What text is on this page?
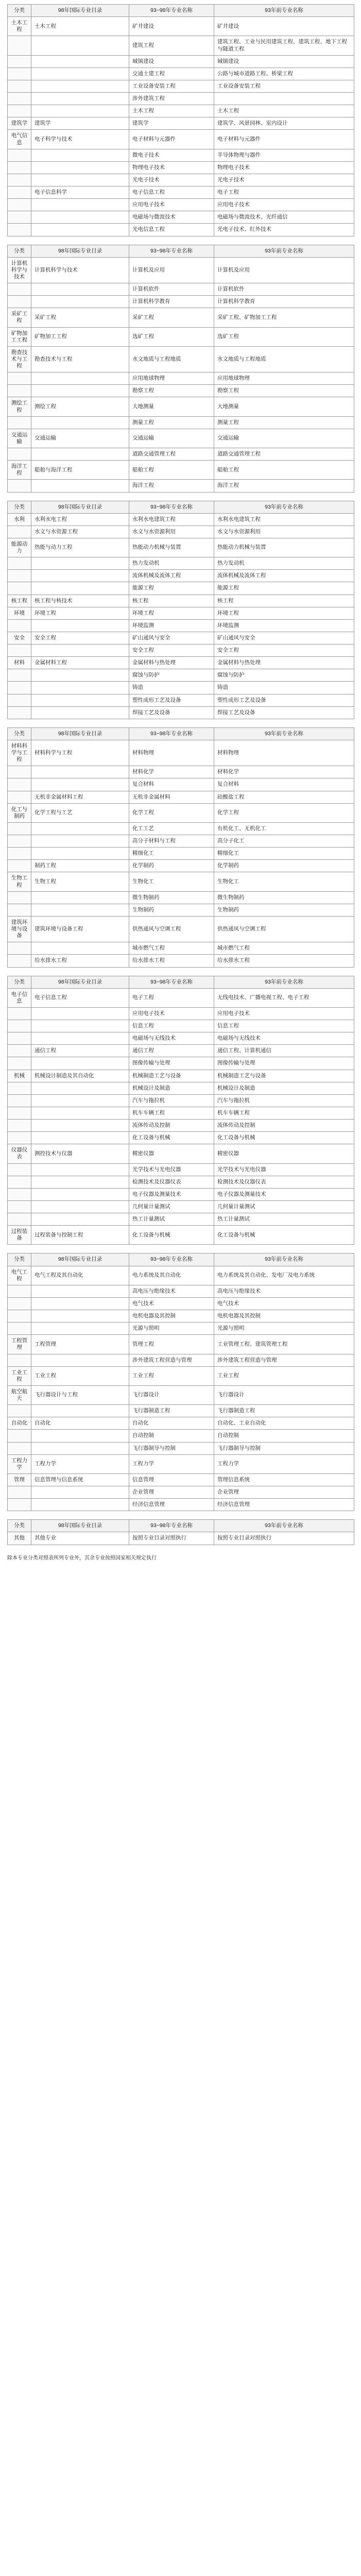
分类	98年国际专业目录	93~98年专业名称	93年前专业名称
土木工程	土木工程	矿井建设	矿井建设
		建筑工程	建筑工程、工业与民用建筑工程、建筑工程、地下工程与隧道工程
		城镇建设	城镇建设
		交通土建工程	公路与城市道路工程、桥梁工程
		工业设备安装工程	工业设备安装工程
		涉外建筑工程	
		土木工程	土木工程
建筑学	建筑学	建筑学	建筑学、风景园林、室内设计
电气信息	电子科学与技术	电子材料与元器件	电子材料与元器件
		微电子技术	半导体物理与器件
		物理电子技术	物理电子技术
		光电子技术	光电子技术
	电子信息科学	电子信息工程	电子工程
		应用电子技术	应用电子技术
		电磁场与微波技术	电磁场与微波技术、光纤通信
		光电信息工程	光电子技术、红外技术
分类	98年国际专业目录	93~98年专业名称	93年前专业名称
计算机科学与技术	计算机科学与技术	计算机及应用	计算机及应用
		计算机软件	计算机软件
		计算机科学教育	计算机科学教育
采矿工程	采矿工程	采矿工程	采矿工程、矿物加工工程
矿物加工工程	矿物加工工程	选矿工程	选矿工程
勘查技术与工程	勘查技术与工程	水文地质与工程地质	水文地质与工程地质
		应用地球物理	应用地球物理
		勘察工程	勘察工程
测绘工程	测绘工程	大地测量	大地测量
		测量工程	测量工程
交通运输	交通运输	交通运输	交通运输
		道路交通管理工程	道路交通管理工程
海洋工程	船舶与海洋工程	船舶工程	船舶工程
		海洋工程	海洋工程
分类	98年国际专业目录	93~98年专业名称	93年前专业名称
水利	水利水电工程	水利水电建筑工程	水利水电建筑工程
	水文与水资源工程	水文与水资源利用	水文与水资源利用
能源动力	热能与动力工程	热能动力机械与装置	热能动力机械与装置
		热力发动机	热力发动机
		流体机械及流体工程	流体机械及流体工程
		能源工程	能源工程
核工程	核工程与核技术	核工程	核工程
环境	环境工程	环境工程	环境工程
		环境监测	环境监测
安全	安全工程	矿山通风与安全	矿山通风与安全
		安全工程	安全工程
材料	金属材料工程	金属材料与热处理	金属材料与热处理
		腐蚀与防护	腐蚀与防护
		铸造	铸造
		塑性成形工艺及设备	塑性成形工艺及设备
		焊接工艺及设备	焊接工艺及设备
分类	98年国际专业目录	93~98年专业名称	93年前专业名称
材料科学与工程	材料科学与工程	材料物理	材料物理
		材料化学	材料化学
		复合材料	复合材料
	无机非金属材料工程	无机非金属材料	硅酸盐工程
化工与制药	化学工程与工艺	化学工程	化学工程
		化工工艺	有机化工、无机化工
		高分子材料与工程	高分子化工
		精细化工	精细化工
	制药工程	化学制药	化学制药
生物工程	生物工程	生物化工	生物化工
		微生物制药	微生物制药
		生物制药	生物制药
建筑环境与设备	建筑环境与设备工程	供热通风与空调工程	供热通风与空调工程
		城市燃气工程	城市燃气工程
	给水排水工程	给水排水工程	给水排水工程
分类	98年国际专业目录	93~98年专业名称	93年前专业名称
电子信息	电子信息工程	电子工程	无线电技术、广播电视工程、电子工程
		应用电子技术	应用电子技术
		信息工程	信息工程
		电磁场与无线技术	电磁场与无线技术
	通信工程	通信工程	通信工程、计算机通信
		图像传输与处理	图像传输与处理
机械	机械设计制造及其自动化	机械制造工艺与设备	机械制造工艺与设备
		机械设计及制造	机械设计及制造
		汽车与拖拉机	汽车与拖拉机
		机车车辆工程	机车车辆工程
		流体传动及控制	流体传动及控制
		化工设备与机械	化工设备与机械
仪器仪表	测控技术与仪器	精密仪器	精密仪器
		光学技术与光电仪器	光学技术与光电仪器
		检测技术及仪器仪表	检测技术及仪器仪表
		电子仪器及测量技术	电子仪器及测量技术
		几何量计量测试	几何量计量测试
		热工计量测试	热工计量测试
过程装备	过程装备与控制工程	化工设备与机械	化工设备与机械
分类	98年国际专业目录	93~98年专业名称	93年前专业名称
电气工程	电气工程及其自动化	电力系统及其自动化	电力系统及其自动化、发电厂及电力系统
		高电压与绝缘技术	高电压与绝缘技术
		电气技术	电气技术
		电机电器及其控制	电机电器及其控制
		光源与照明	光源与照明
工程管理	工程管理	管理工程	工业管理工程、建筑管理工程
		涉外建筑工程营造与管理	涉外建筑工程营造与管理
工业工程	工业工程	工业工程	工业工程
航空航天	飞行器设计与工程	飞行器设计	飞行器设计
		飞行器制造工程	飞行器制造工程
自动化	自动化	自动化	自动化、工业自动化
		自动控制	自动控制
		飞行器制导与控制	飞行器制导与控制
工程力学	工程力学	工程力学	工程力学
管理	信息管理与信息系统	信息管理	管理信息系统
		企业管理	企业管理
		经济信息管理	经济信息管理
分类	98年国际专业目录	93~98年专业名称	93年前专业名称
其他	其他专业	按照专业目录对照执行	按照专业目录对照执行
除本专业分类对照表所列专业外，其余专业按照国家相关规定执行
